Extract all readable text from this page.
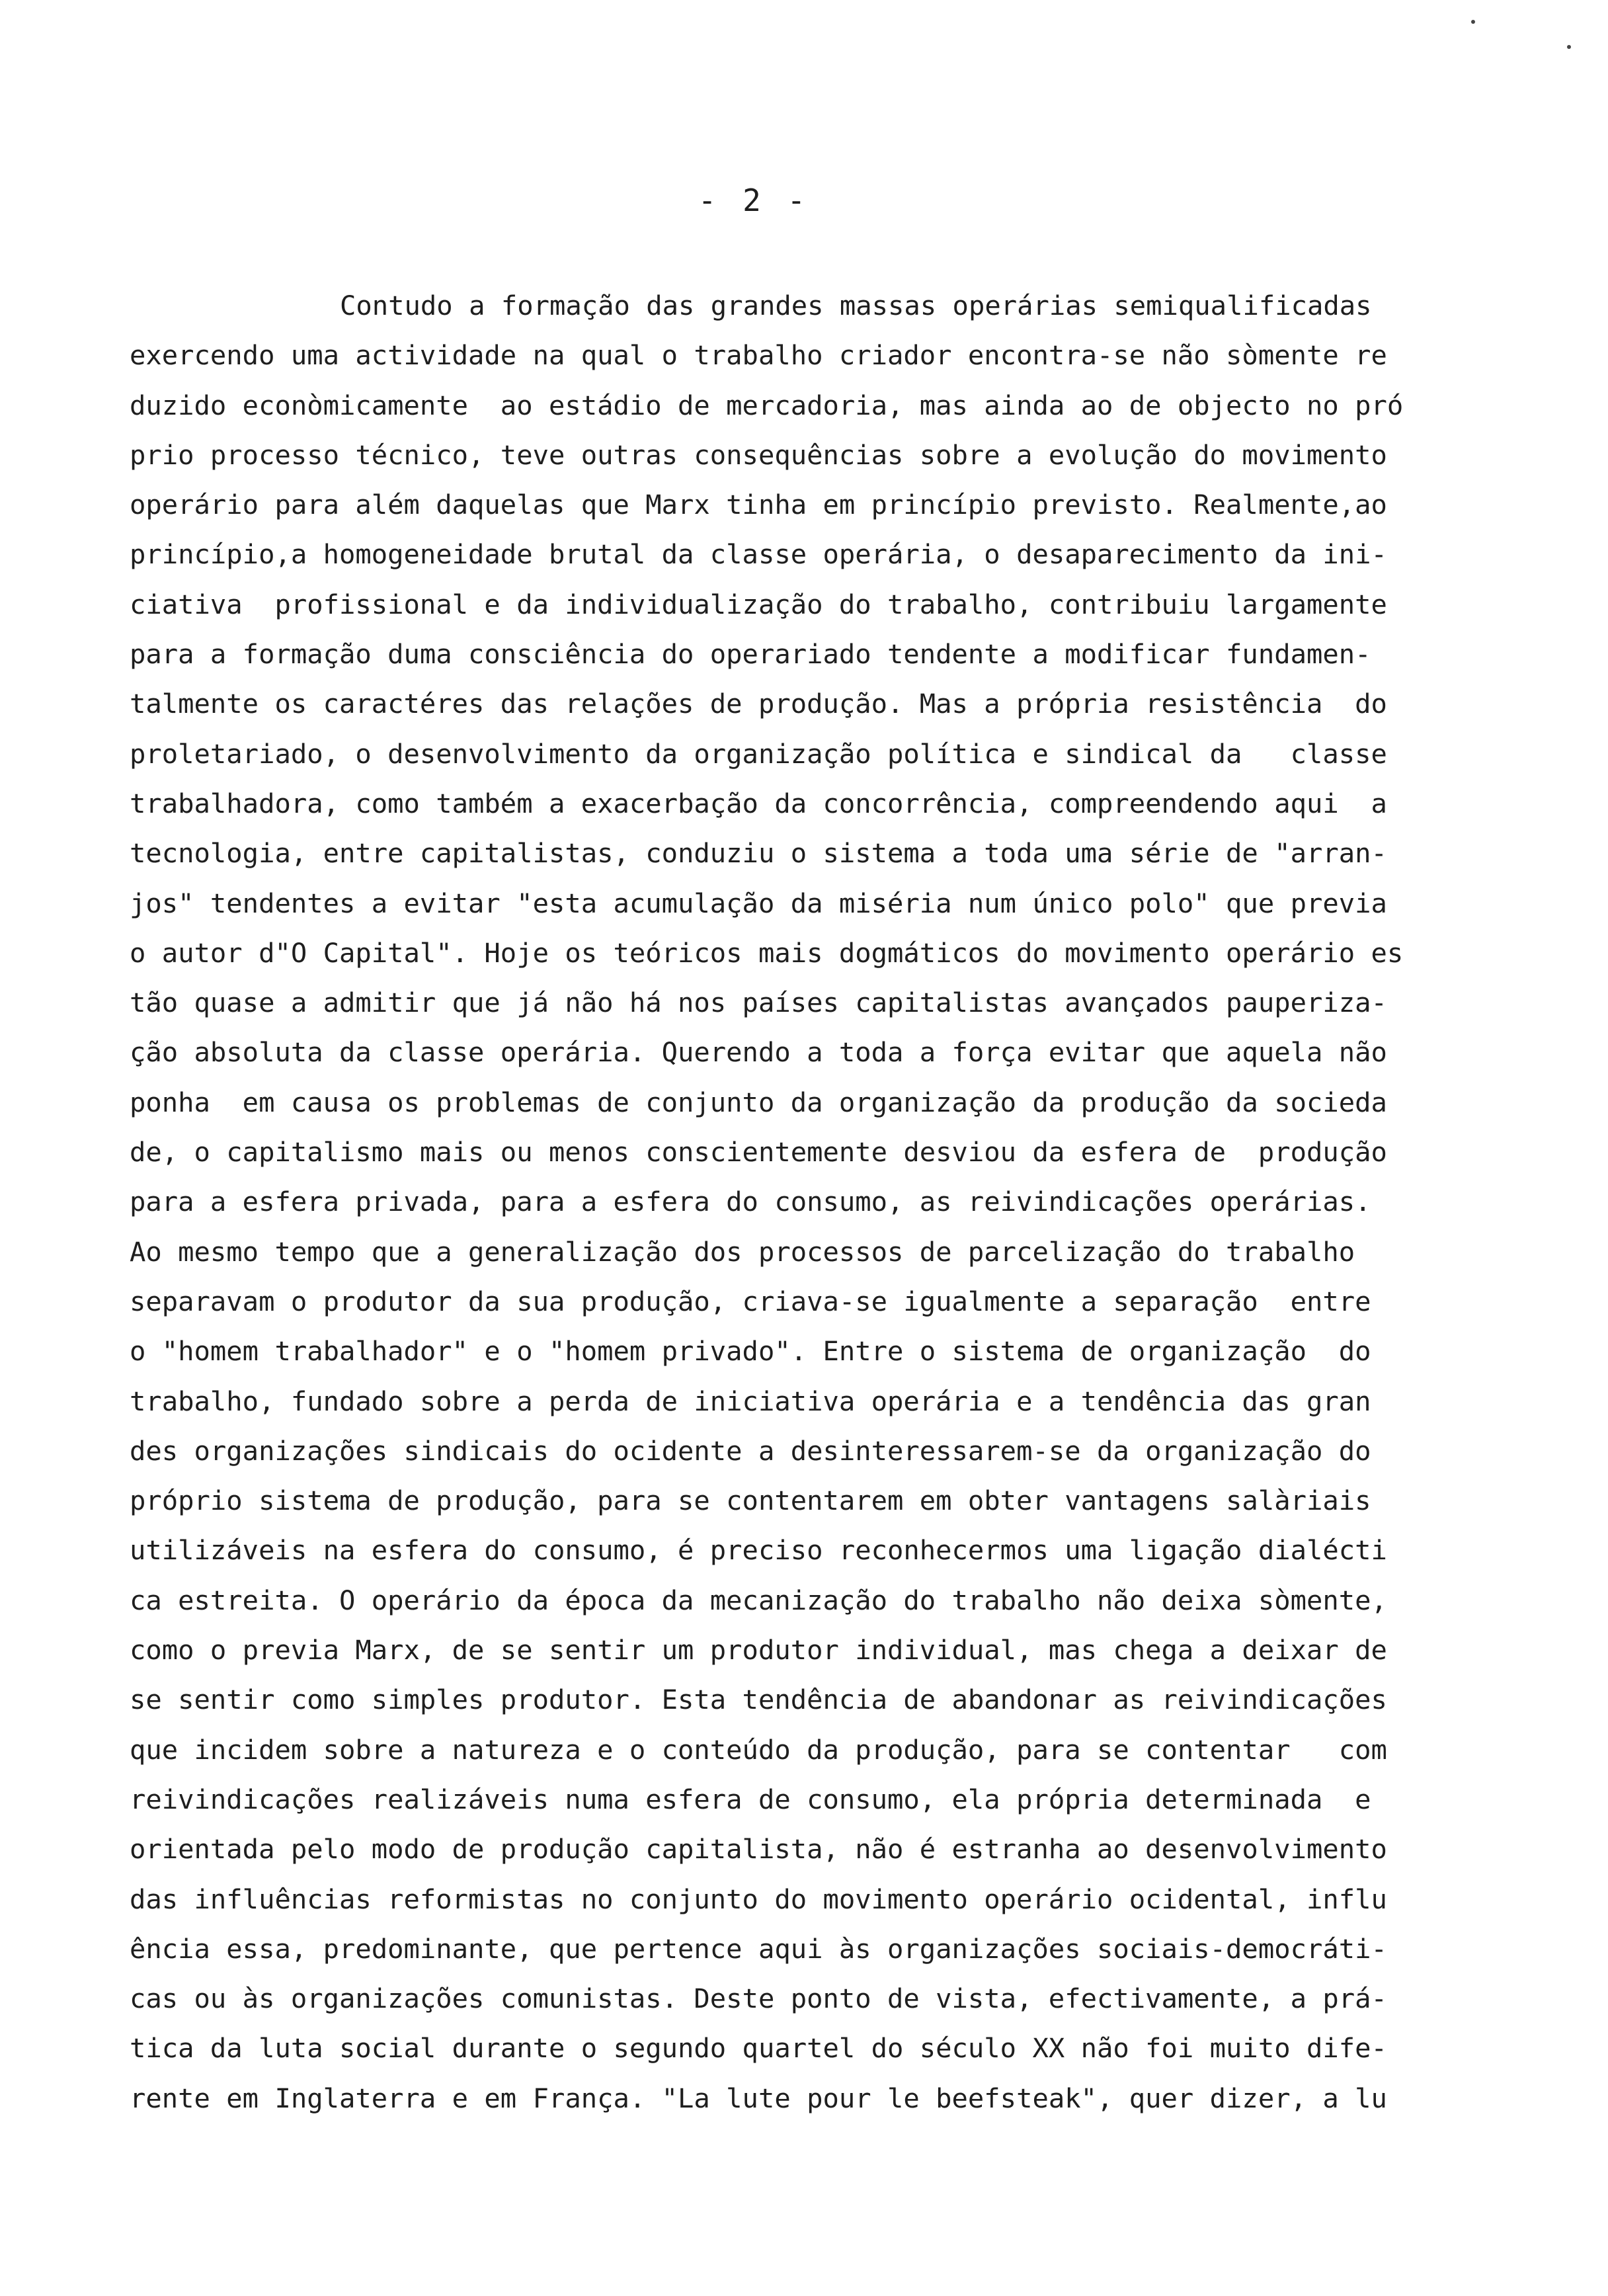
- 2 -
Contudo a formação das grandes massas operárias semiqualificadas
exercendo uma actividade na qual o trabalho criador encontra-se não sòmente re
duzido econòmicamente  ao estádio de mercadoria, mas ainda ao de objecto no pró
prio processo técnico, teve outras consequências sobre a evolução do movimento
operário para além daquelas que Marx tinha em princípio previsto. Realmente,ao
princípio,a homogeneidade brutal da classe operária, o desaparecimento da ini-
ciativa  profissional e da individualização do trabalho, contribuiu largamente
para a formação duma consciência do operariado tendente a modificar fundamen-
talmente os caractéres das relações de produção. Mas a própria resistência  do
proletariado, o desenvolvimento da organização política e sindical da   classe
trabalhadora, como também a exacerbação da concorrência, compreendendo aqui  a
tecnologia, entre capitalistas, conduziu o sistema a toda uma série de "arran-
jos" tendentes a evitar "esta acumulação da miséria num único polo" que previa
o autor d"O Capital". Hoje os teóricos mais dogmáticos do movimento operário es
tão quase a admitir que já não há nos países capitalistas avançados pauperiza-
ção absoluta da classe operária. Querendo a toda a força evitar que aquela não
ponha  em causa os problemas de conjunto da organização da produção da socieda
de, o capitalismo mais ou menos conscientemente desviou da esfera de  produção
para a esfera privada, para a esfera do consumo, as reivindicações operárias.
Ao mesmo tempo que a generalização dos processos de parcelização do trabalho
separavam o produtor da sua produção, criava-se igualmente a separação  entre
o "homem trabalhador" e o "homem privado". Entre o sistema de organização  do
trabalho, fundado sobre a perda de iniciativa operária e a tendência das gran
des organizações sindicais do ocidente a desinteressarem-se da organização do
próprio sistema de produção, para se contentarem em obter vantagens salàriais
utilizáveis na esfera do consumo, é preciso reconhecermos uma ligação dialécti
ca estreita. O operário da época da mecanização do trabalho não deixa sòmente,
como o previa Marx, de se sentir um produtor individual, mas chega a deixar de
se sentir como simples produtor. Esta tendência de abandonar as reivindicações
que incidem sobre a natureza e o conteúdo da produção, para se contentar   com
reivindicações realizáveis numa esfera de consumo, ela própria determinada  e
orientada pelo modo de produção capitalista, não é estranha ao desenvolvimento
das influências reformistas no conjunto do movimento operário ocidental, influ
ência essa, predominante, que pertence aqui às organizações sociais-democráti-
cas ou às organizações comunistas. Deste ponto de vista, efectivamente, a prá-
tica da luta social durante o segundo quartel do século XX não foi muito dife-
rente em Inglaterra e em França. "La lute pour le beefsteak", quer dizer, a lu
